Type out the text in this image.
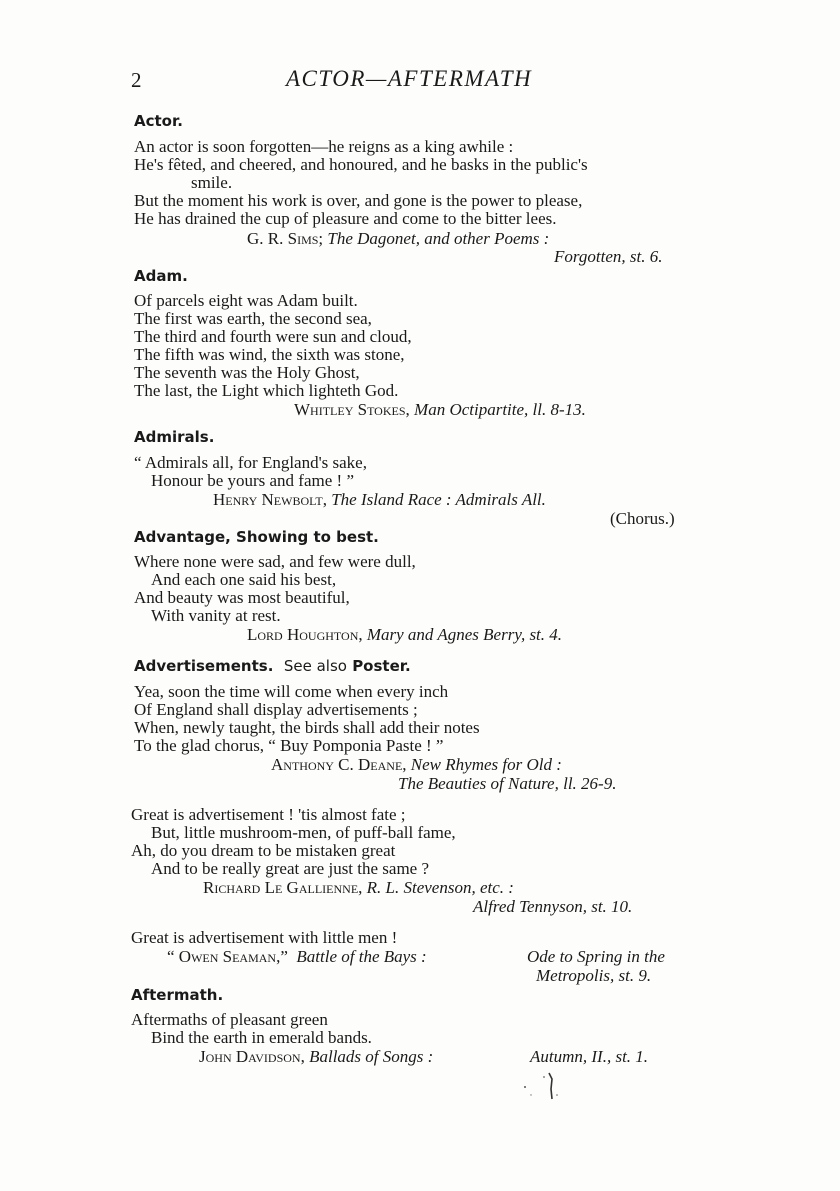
2	ACTOR—AFTERMATH
Actor.
An actor is soon forgotten—he reigns as a king awhile :
He's fêted, and cheered, and honoured, and he basks in the public's
smile.
But the moment his work is over, and gone is the power to please,
He has drained the cup of pleasure and come to the bitter lees.
G. R. Sims; The Dagonet, and other Poems :
Forgotten, st. 6.
Adam.
Of parcels eight was Adam built.
The first was earth, the second sea,
The third and fourth were sun and cloud,
The fifth was wind, the sixth was stone,
The seventh was the Holy Ghost,
The last, the Light which lighteth God.
Whitley Stokes, Man Octipartite, ll. 8-13.
Admirals.
“ Admirals all, for England's sake,
Honour be yours and fame ! ”
Henry Newbolt, The Island Race : Admirals All.
(Chorus.)
Advantage, Showing to best.
Where none were sad, and few were dull,
And each one said his best,
And beauty was most beautiful,
With vanity at rest.
Lord Houghton, Mary and Agnes Berry, st. 4.
Advertisements. See also Poster.
Yea, soon the time will come when every inch
Of England shall display advertisements ;
When, newly taught, the birds shall add their notes
To the glad chorus, “ Buy Pomponia Paste ! ”
Anthony C. Deane, New Rhymes for Old :
The Beauties of Nature, ll. 26-9.
Great is advertisement ! 'tis almost fate ;
But, little mushroom-men, of puff-ball fame,
Ah, do you dream to be mistaken great
And to be really great are just the same ?
Richard Le Gallienne, R. L. Stevenson, etc. :
Alfred Tennyson, st. 10.
Great is advertisement with little men !
“ Owen Seaman,” Battle of the Bays :	Ode to Spring in the
Metropolis, st. 9.
Aftermath.
Aftermaths of pleasant green
Bind the earth in emerald bands.
John Davidson, Ballads of Songs :	Autumn, II., st. 1.
